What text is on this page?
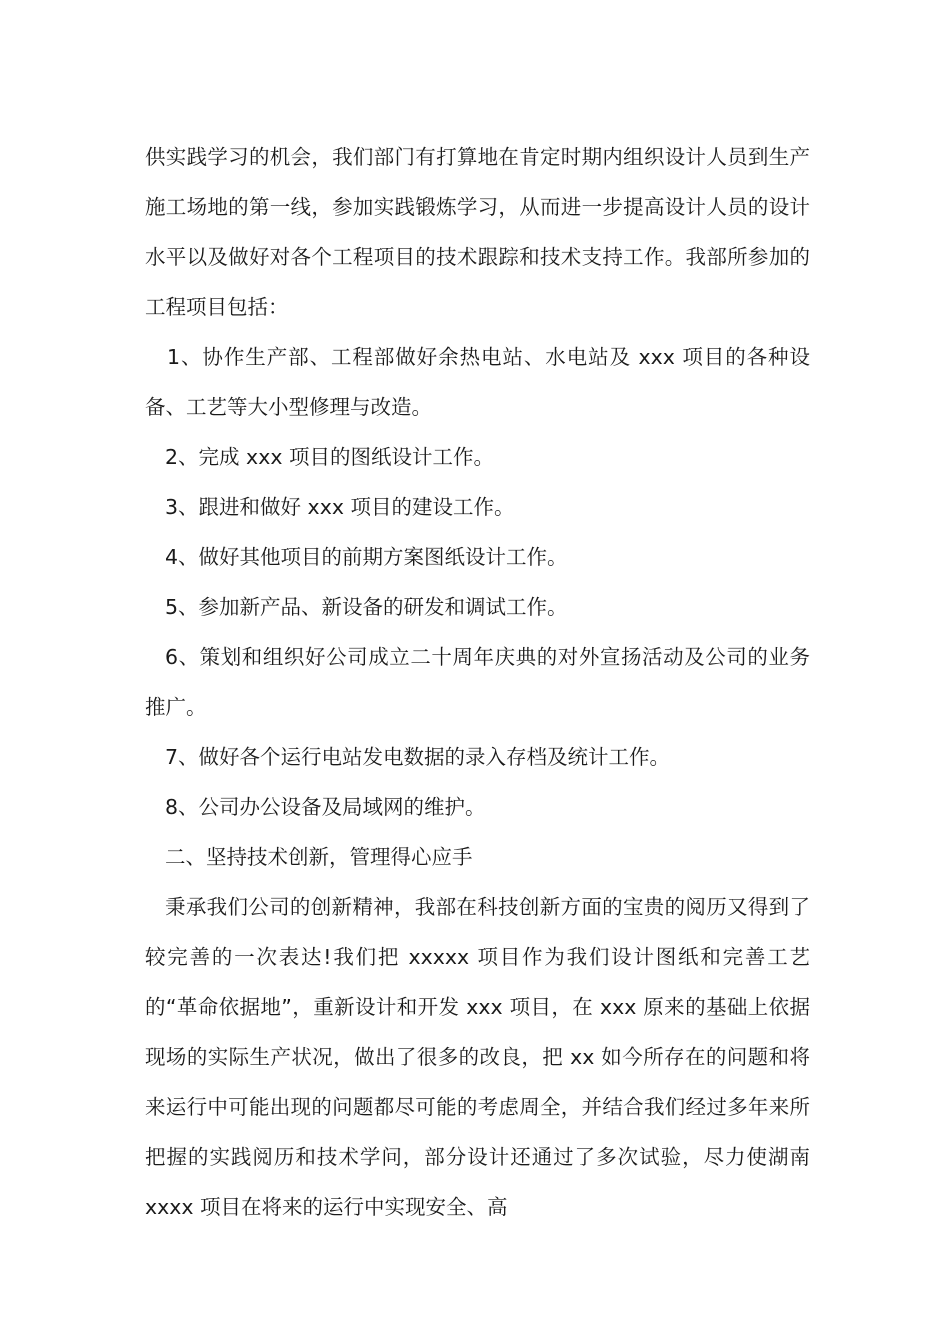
供实践学习的机会，我们部门有打算地在肯定时期内组织设计人员到生产施工场地的第一线，参加实践锻炼学习，从而进一步提高设计人员的设计水平以及做好对各个工程项目的技术跟踪和技术支持工作。我部所参加的工程项目包括：

1、协作生产部、工程部做好余热电站、水电站及 xxx 项目的各种设备、工艺等大小型修理与改造。

2、完成 xxx 项目的图纸设计工作。

3、跟进和做好 xxx 项目的建设工作。

4、做好其他项目的前期方案图纸设计工作。

5、参加新产品、新设备的研发和调试工作。

6、策划和组织好公司成立二十周年庆典的对外宣扬活动及公司的业务推广。

7、做好各个运行电站发电数据的录入存档及统计工作。

8、公司办公设备及局域网的维护。

二、坚持技术创新，管理得心应手

秉承我们公司的创新精神，我部在科技创新方面的宝贵的阅历又得到了较完善的一次表达!我们把 xxxxx 项目作为我们设计图纸和完善工艺的“革命依据地”，重新设计和开发 xxx 项目，在 xxx 原来的基础上依据现场的实际生产状况，做出了很多的改良，把 xx 如今所存在的问题和将来运行中可能出现的问题都尽可能的考虑周全，并结合我们经过多年来所把握的实践阅历和技术学问，部分设计还通过了多次试验，尽力使湖南 xxxx 项目在将来的运行中实现安全、高
